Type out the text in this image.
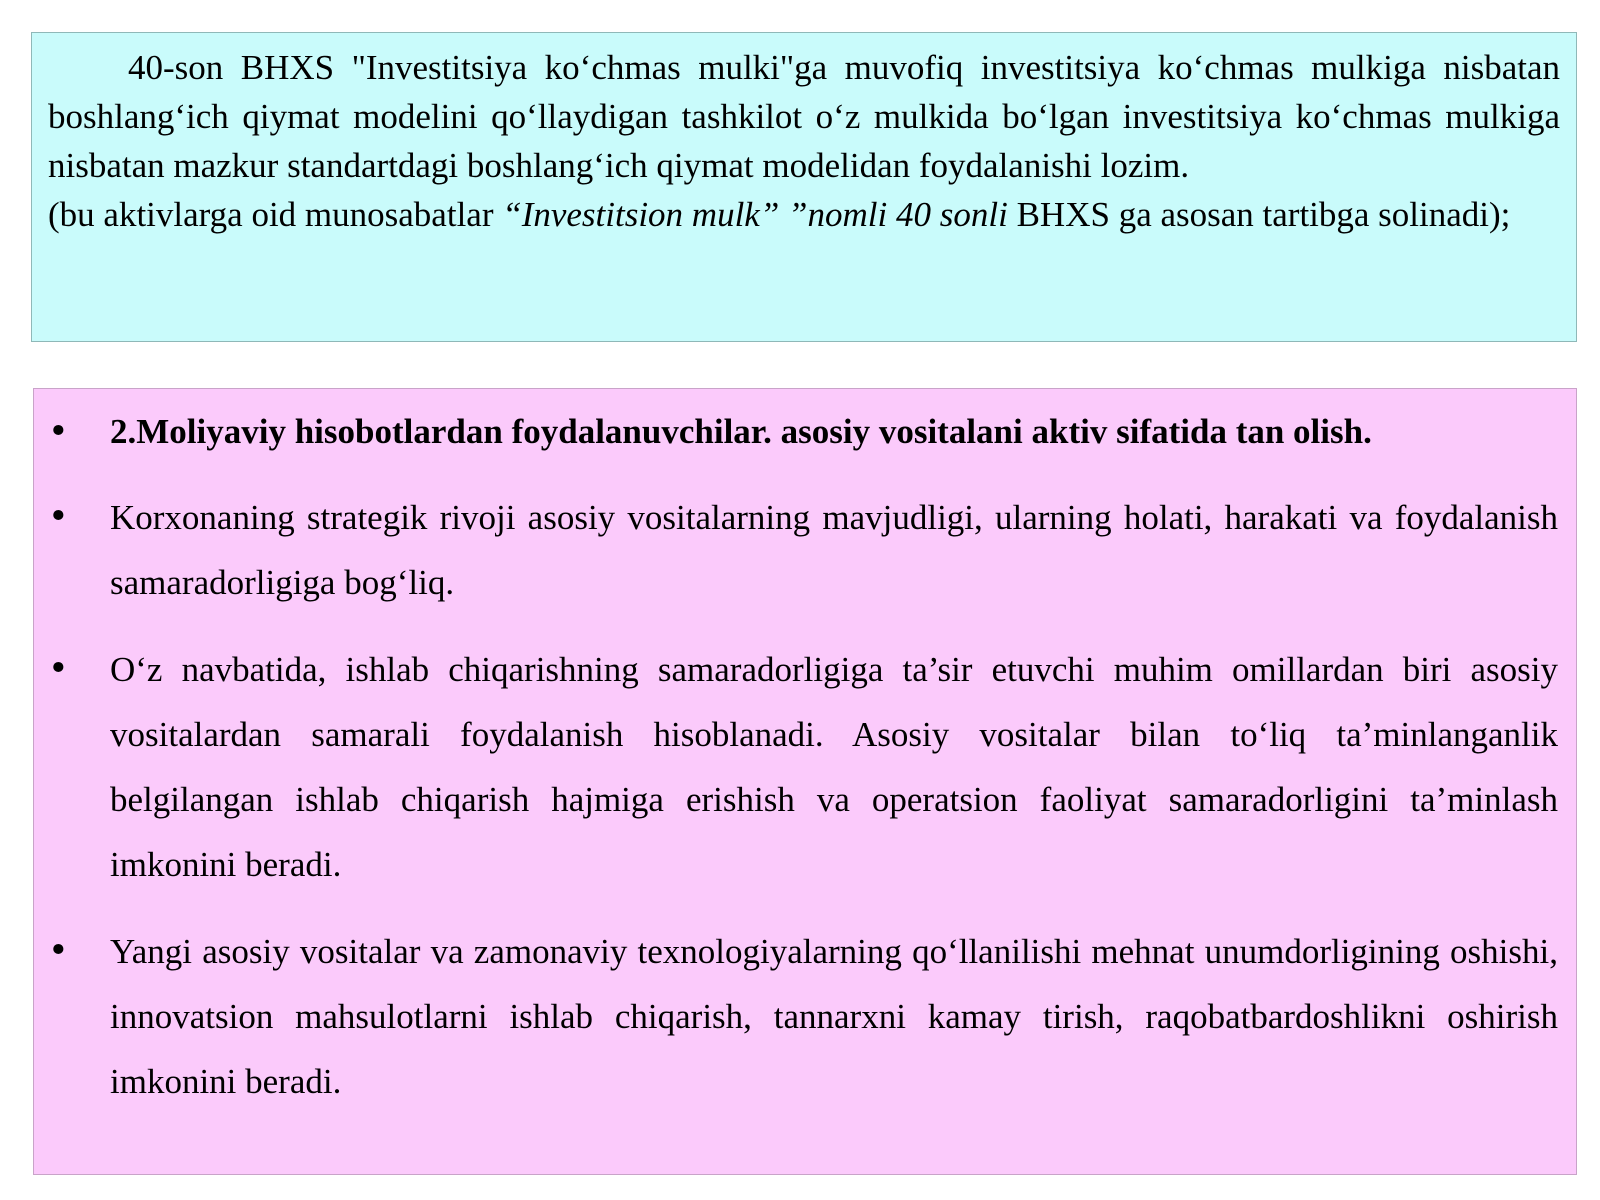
40-son BHXS "Investitsiya ko‘chmas mulki"ga muvofiq investitsiya ko‘chmas mulkiga nisbatan boshlang‘ich qiymat modelini qo‘llaydigan tashkilot o‘z mulkida bo‘lgan investitsiya ko‘chmas mulkiga nisbatan mazkur standartdagi boshlang‘ich qiymat modelidan foydalanishi lozim.

(bu aktivlarga oid munosabatlar “Investitsion mulk” ”nomli 40 sonli BHXS ga asosan tartibga solinadi);

• 2.Moliyaviy hisobotlardan foydalanuvchilar. asosiy vositalani aktiv sifatida tan olish.
• Korxonaning strategik rivoji asosiy vositalarning mavjudligi, ularning holati, harakati va foydalanish samaradorligiga bog‘liq.
• O‘z navbatida, ishlab chiqarishning samaradorligiga ta’sir etuvchi muhim omillardan biri asosiy vositalardan samarali foydalanish hisoblanadi. Asosiy vositalar bilan to‘liq ta’minlanganlik belgilangan ishlab chiqarish hajmiga erishish va operatsion faoliyat samaradorligini ta’minlash imkonini beradi.
• Yangi asosiy vositalar va zamonaviy texnologiyalarning qo‘llanilishi mehnat unumdorligining oshishi, innovatsion mahsulotlarni ishlab chiqarish, tannarxni kamay tirish, raqobatbardoshlikni oshirish imkonini beradi.
